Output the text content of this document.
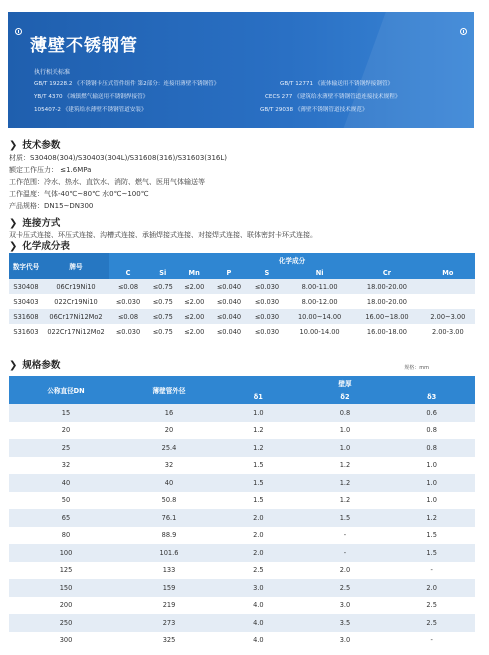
薄壁不锈钢管
执行相关标准
GB/T 19228.2 《不锈钢卡压式管件组件 第2部分：连接用薄壁不锈钢管》	GB/T 12771 《流体输送用不锈钢焊接钢管》
YB/T 4370 《城镇燃气输送用不锈钢焊接管》	CECS 277 《建筑给水薄壁不锈钢管道连接技术规程》
105407-2 《建筑给水薄壁不锈钢管道安装》	GB/T 29038 《薄壁不锈钢管道技术规范》
❯ 技术参数
材质：S30408(304)/S30403(304L)/S31608(316)/S31603(316L)
额定工作压力： ≤1.6MPa
工作范围：冷水、热水、直饮水、消防、燃气、医用气体输送等
工作温度：气体-40℃~80℃ 水0℃~100℃
产品规格：DN15~DN300
❯ 连接方式
双卡压式连接、环压式连接、沟槽式连接、承插焊接式连接、对接焊式连接、联体密封卡环式连接。
❯ 化学成分表
数字代号	牌号	化学成分							
		C	Si	Mn	P	S	Ni	Cr	Mo
S30408	06Cr19Ni10	≤0.08	≤0.75	≤2.00	≤0.040	≤0.030	8.00-11.00	18.00-20.00	
S30403	022Cr19Ni10	≤0.030	≤0.75	≤2.00	≤0.040	≤0.030	8.00-12.00	18.00-20.00	
S31608	06Cr17Ni12Mo2	≤0.08	≤0.75	≤2.00	≤0.040	≤0.030	10.00~14.00	16.00~18.00	2.00~3.00
S31603	022Cr17Ni12Mo2	≤0.030	≤0.75	≤2.00	≤0.040	≤0.030	10.00-14.00	16.00-18.00	2.00-3.00
❯ 规格参数	规格：mm
公称直径DN	薄壁管外径	壁厚		
		δ1	δ2	δ3
15	16	1.0	0.8	0.6
20	20	1.2	1.0	0.8
25	25.4	1.2	1.0	0.8
32	32	1.5	1.2	1.0
40	40	1.5	1.2	1.0
50	50.8	1.5	1.2	1.0
65	76.1	2.0	1.5	1.2
80	88.9	2.0	-	1.5
100	101.6	2.0	-	1.5
125	133	2.5	2.0	-
150	159	3.0	2.5	2.0
200	219	4.0	3.0	2.5
250	273	4.0	3.5	2.5
300	325	4.0	3.0	-
